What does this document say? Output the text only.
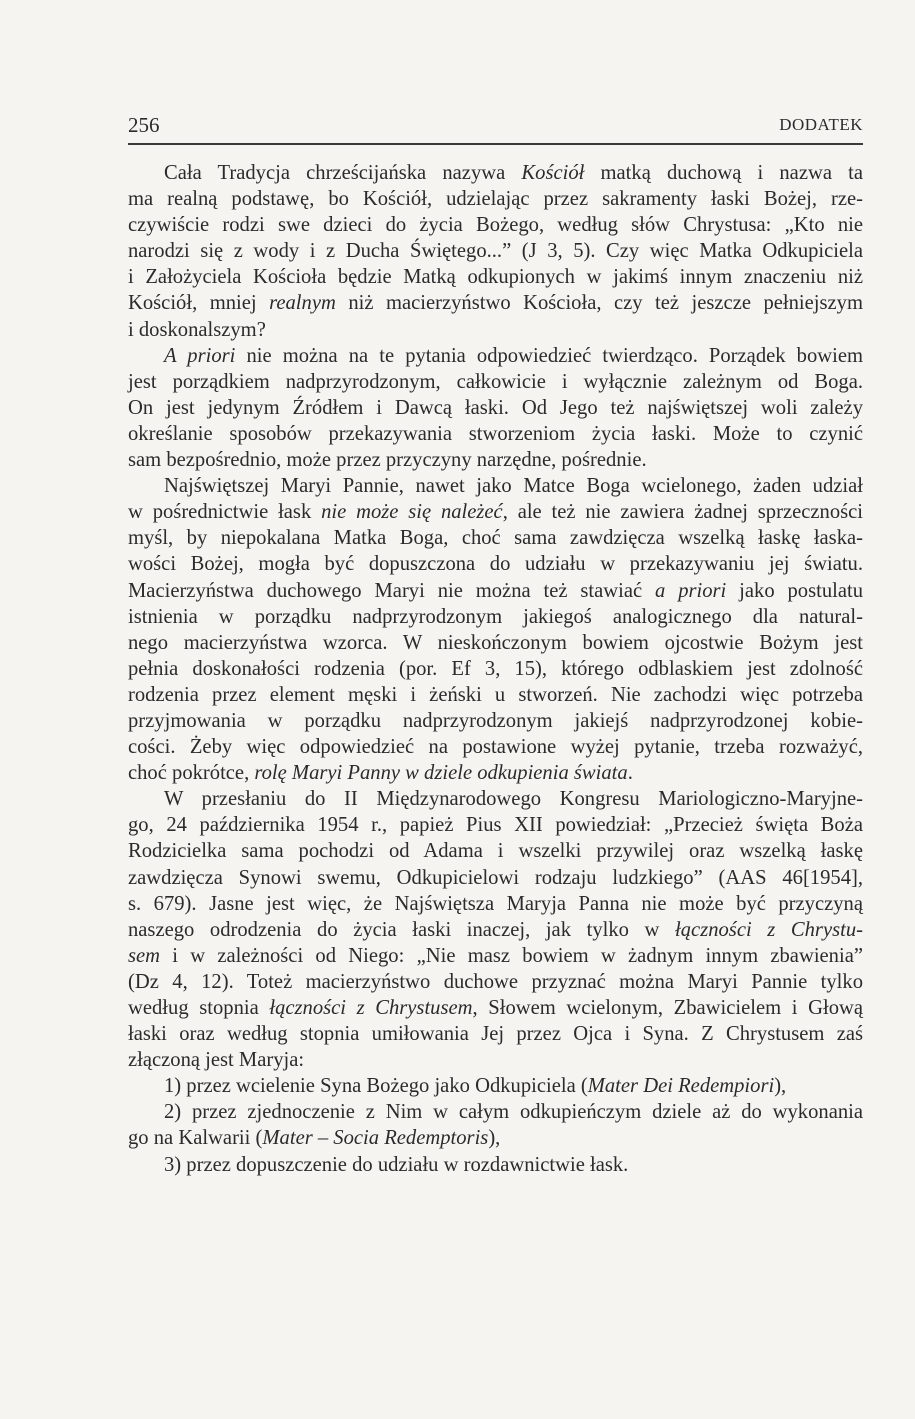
256	DODATEK
Cała Tradycja chrześcijańska nazywa Kościół matką duchową i nazwa ta
ma realną podstawę, bo Kościół, udzielając przez sakramenty łaski Bożej, rze-
czywiście rodzi swe dzieci do życia Bożego, według słów Chrystusa: „Kto nie
narodzi się z wody i z Ducha Świętego...” (J 3, 5). Czy więc Matka Odkupiciela
i Założyciela Kościoła będzie Matką odkupionych w jakimś innym znaczeniu niż
Kościół, mniej realnym niż macierzyństwo Kościoła, czy też jeszcze pełniejszym
i doskonalszym?
A priori nie można na te pytania odpowiedzieć twierdząco. Porządek bowiem
jest porządkiem nadprzyrodzonym, całkowicie i wyłącznie zależnym od Boga.
On jest jedynym Źródłem i Dawcą łaski. Od Jego też najświętszej woli zależy
określanie sposobów przekazywania stworzeniom życia łaski. Może to czynić
sam bezpośrednio, może przez przyczyny narzędne, pośrednie.
Najświętszej Maryi Pannie, nawet jako Matce Boga wcielonego, żaden udział
w pośrednictwie łask nie może się należeć, ale też nie zawiera żadnej sprzeczności
myśl, by niepokalana Matka Boga, choć sama zawdzięcza wszelką łaskę łaska-
wości Bożej, mogła być dopuszczona do udziału w przekazywaniu jej światu.
Macierzyństwa duchowego Maryi nie można też stawiać a priori jako postulatu
istnienia w porządku nadprzyrodzonym jakiegoś analogicznego dla natural-
nego macierzyństwa wzorca. W nieskończonym bowiem ojcostwie Bożym jest
pełnia doskonałości rodzenia (por. Ef 3, 15), którego odblaskiem jest zdolność
rodzenia przez element męski i żeński u stworzeń. Nie zachodzi więc potrzeba
przyjmowania w porządku nadprzyrodzonym jakiejś nadprzyrodzonej kobie-
cości. Żeby więc odpowiedzieć na postawione wyżej pytanie, trzeba rozważyć,
choć pokrótce, rolę Maryi Panny w dziele odkupienia świata.
W przesłaniu do II Międzynarodowego Kongresu Mariologiczno-Maryjne-
go, 24 października 1954 r., papież Pius XII powiedział: „Przecież święta Boża
Rodzicielka sama pochodzi od Adama i wszelki przywilej oraz wszelką łaskę
zawdzięcza Synowi swemu, Odkupicielowi rodzaju ludzkiego” (AAS 46[1954],
s. 679). Jasne jest więc, że Najświętsza Maryja Panna nie może być przyczyną
naszego odrodzenia do życia łaski inaczej, jak tylko w łączności z Chrystu-
sem i w zależności od Niego: „Nie masz bowiem w żadnym innym zbawienia”
(Dz 4, 12). Toteż macierzyństwo duchowe przyznać można Maryi Pannie tylko
według stopnia łączności z Chrystusem, Słowem wcielonym, Zbawicielem i Głową
łaski oraz według stopnia umiłowania Jej przez Ojca i Syna. Z Chrystusem zaś
złączoną jest Maryja:
1) przez wcielenie Syna Bożego jako Odkupiciela (Mater Dei Redempiori),
2) przez zjednoczenie z Nim w całym odkupieńczym dziele aż do wykonania
go na Kalwarii (Mater – Socia Redemptoris),
3) przez dopuszczenie do udziału w rozdawnictwie łask.
